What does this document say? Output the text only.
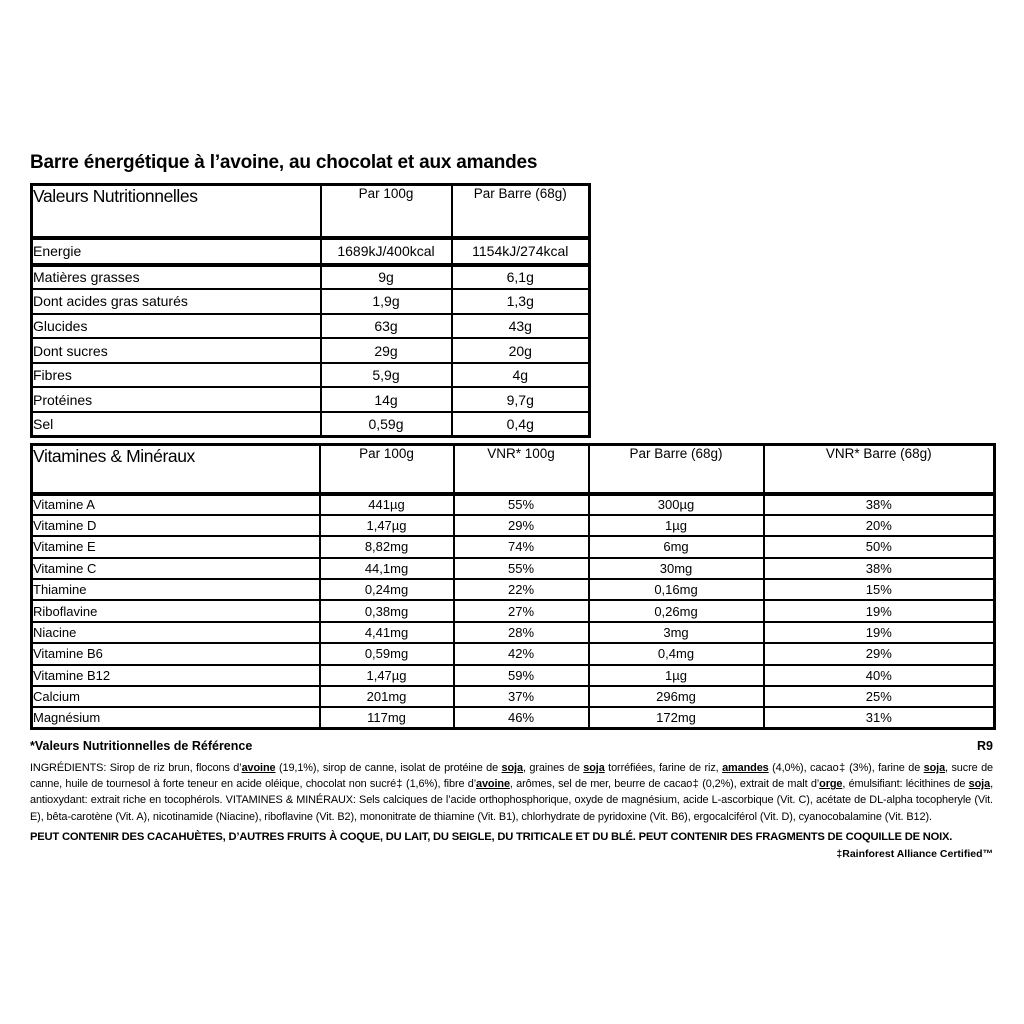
Barre énergétique à l’avoine, au chocolat et aux amandes
Valeurs Nutritionnelles	Par 100g	Par Barre (68g)
Energie	1689kJ/400kcal	1154kJ/274kcal
Matières grasses	9g	6,1g
Dont acides gras saturés	1,9g	1,3g
Glucides	63g	43g
Dont sucres	29g	20g
Fibres	5,9g	4g
Protéines	14g	9,7g
Sel	0,59g	0,4g
Vitamines & Minéraux	Par 100g	VNR* 100g	Par Barre (68g)	VNR* Barre (68g)
Vitamine A	441µg	55%	300µg	38%
Vitamine D	1,47µg	29%	1µg	20%
Vitamine E	8,82mg	74%	6mg	50%
Vitamine C	44,1mg	55%	30mg	38%
Thiamine	0,24mg	22%	0,16mg	15%
Riboflavine	0,38mg	27%	0,26mg	19%
Niacine	4,41mg	28%	3mg	19%
Vitamine B6	0,59mg	42%	0,4mg	29%
Vitamine B12	1,47µg	59%	1µg	40%
Calcium	201mg	37%	296mg	25%
Magnésium	117mg	46%	172mg	31%
*Valeurs Nutritionnelles de Référence	R9

INGRÉDIENTS: Sirop de riz brun, flocons d’avoine (19,1%), sirop de canne, isolat de protéine de soja, graines de soja torréfiées, farine de riz, amandes (4,0%), cacao‡ (3%), farine de soja, sucre de canne, huile de tournesol à forte teneur en acide oléique, chocolat non sucré‡ (1,6%), fibre d’avoine, arômes, sel de mer, beurre de cacao‡ (0,2%), extrait de malt d’orge, émulsifiant: lécithines de soja, antioxydant: extrait riche en tocophérols. VITAMINES & MINÉRAUX: Sels calciques de l’acide orthophosphorique, oxyde de magnésium, acide L-ascorbique (Vit. C), acétate de DL-alpha tocopheryle (Vit. E), bêta-carotène (Vit. A), nicotinamide (Niacine), riboflavine (Vit. B2), mononitrate de thiamine (Vit. B1), chlorhydrate de pyridoxine (Vit. B6), ergocalciférol (Vit. D), cyanocobalamine (Vit. B12).

PEUT CONTENIR DES CACAHUÈTES, D’AUTRES FRUITS À COQUE, DU LAIT, DU SEIGLE, DU TRITICALE ET DU BLÉ. PEUT CONTENIR DES FRAGMENTS DE COQUILLE DE NOIX.

‡Rainforest Alliance Certified™
